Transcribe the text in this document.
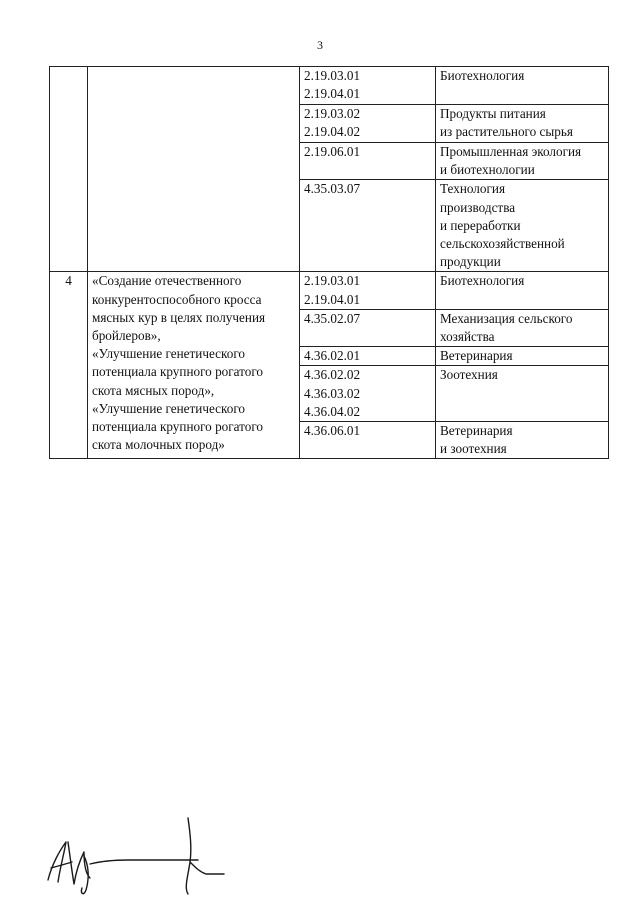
3
		2.19.03.01
2.19.04.01	Биотехнология
		2.19.03.02
2.19.04.02	Продукты питания
из растительного сырья
		2.19.06.01	Промышленная экология
и биотехнологии
		4.35.03.07	Технология
производства
и переработки
сельскохозяйственной
продукции
4	«Создание отечественного конкурентоспособного кросса мясных кур в целях получения бройлеров»,
«Улучшение генетического потенциала крупного рогатого скота мясных пород»,
«Улучшение генетического потенциала крупного рогатого скота молочных пород»	2.19.03.01
2.19.04.01	Биотехнология
		4.35.02.07	Механизация сельского
хозяйства
		4.36.02.01	Ветеринария
		4.36.02.02
4.36.03.02
4.36.04.02	Зоотехния
		4.36.06.01	Ветеринария
и зоотехния
